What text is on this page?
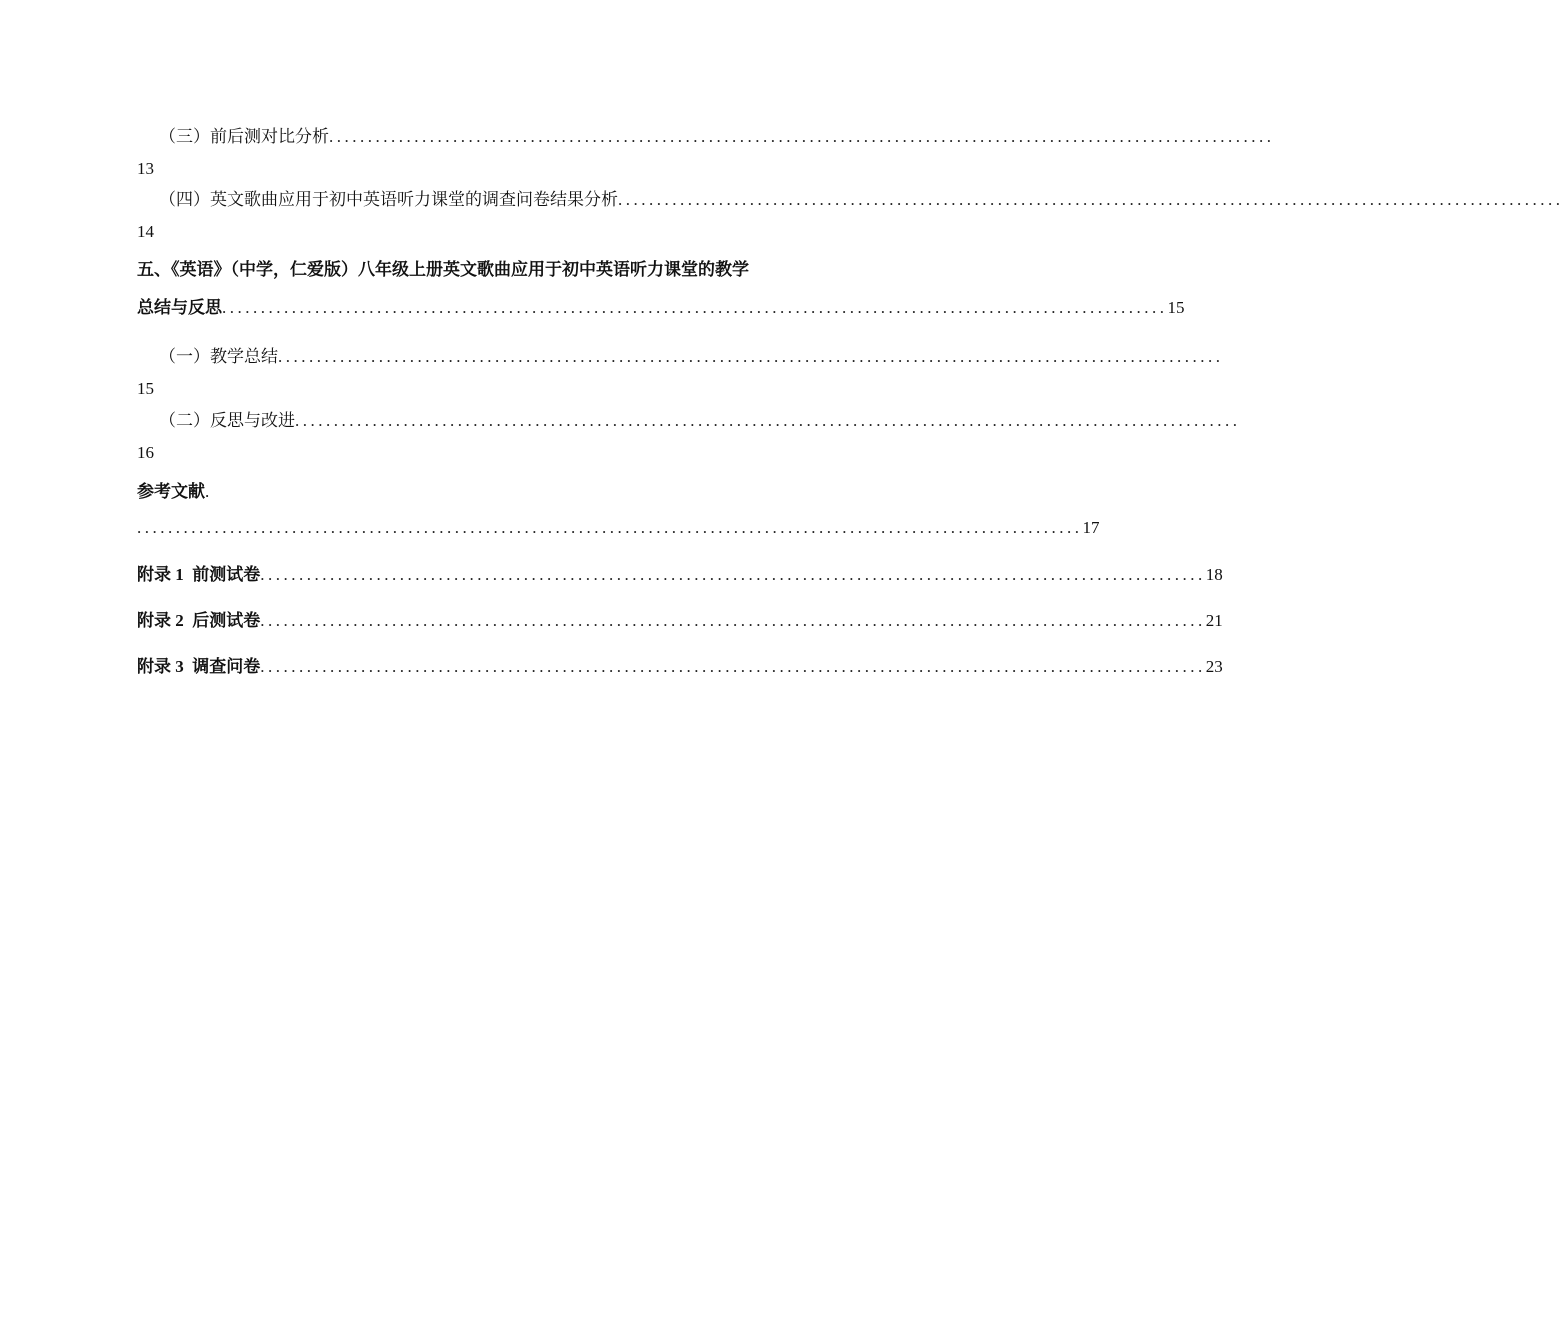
（三）前后测对比分析 ..........................................................................................................................
13
（四）英文歌曲应用于初中英语听力课堂的调查问卷结果分析 ..........................................................................................................................
14
五、《英语》（中学，仁爱版）八年级上册英文歌曲应用于初中英语听力课堂的教学
总结与反思 .......................................................................................................................... 15
（一）教学总结 ..........................................................................................................................
15
（二）反思与改进 ..........................................................................................................................
16
参考文献.
.......................................................................................................................... 17
附录 1  前测试卷 .......................................................................................................................... 18
附录 2  后测试卷 .......................................................................................................................... 21
附录 3  调查问卷 .......................................................................................................................... 23
